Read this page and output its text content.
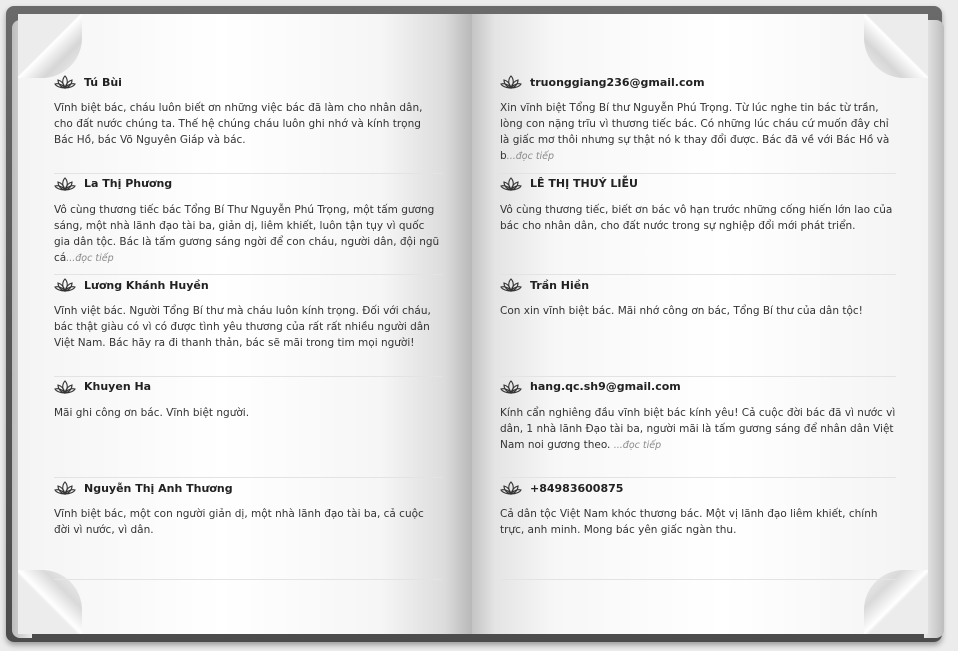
Tú Bùi
Vĩnh biệt bác, cháu luôn biết ơn những việc bác đã làm cho nhân dân, cho đất nước chúng ta. Thế hệ chúng cháu luôn ghi nhớ và kính trọng Bác Hồ, bác Võ Nguyên Giáp và bác.
La Thị Phương
Vô cùng thương tiếc bác Tổng Bí Thư Nguyễn Phú Trọng, một tấm gương sáng, một nhà lãnh đạo tài ba, giản dị, liêm khiết, luôn tận tụy vì quốc gia dân tộc. Bác là tấm gương sáng ngời để con cháu, người dân, đội ngũ cá...đọc tiếp
Lương Khánh Huyền
Vĩnh việt bác. Người Tổng Bí thư mà cháu luôn kính trọng. Đối với cháu, bác thật giàu có vì có được tình yêu thương của rất rất nhiều người dân Việt Nam. Bác hãy ra đi thanh thản, bác sẽ mãi trong tim mọi người!
Khuyen Ha
Mãi ghi công ơn bác. Vĩnh biệt người.
Nguyễn Thị Anh Thương
Vĩnh biệt bác, một con người giản dị, một nhà lãnh đạo tài ba, cả cuộc đời vì nước, vì dân.
truonggiang236@gmail.com
Xin vĩnh biệt Tổng Bí thư Nguyễn Phú Trọng. Từ lúc nghe tin bác từ trần, lòng con nặng trĩu vì thương tiếc bác. Có những lúc cháu cứ muốn đây chỉ là giấc mơ thôi nhưng sự thật nó k thay đổi được. Bác đã về với Bác Hồ và b...đọc tiếp
LÊ THỊ THUÝ LIỄU
Vô cùng thương tiếc, biết ơn bác vô hạn trước những cống hiến lớn lao của bác cho nhân dân, cho đất nước trong sự nghiệp đổi mới phát triển.
Trần Hiền
Con xin vĩnh biệt bác. Mãi nhớ công ơn bác, Tổng Bí thư của dân tộc!
hang.qc.sh9@gmail.com
Kính cẩn nghiêng đầu vĩnh biệt bác kính yêu! Cả cuộc đời bác đã vì nước vì dân, 1 nhà lãnh Đạo tài ba, người mãi là tấm gương sáng để nhân dân Việt Nam noi gương theo. ...đọc tiếp
+84983600875
Cả dân tộc Việt Nam khóc thương bác. Một vị lãnh đạo liêm khiết, chính trực, anh minh. Mong bác yên giấc ngàn thu.
